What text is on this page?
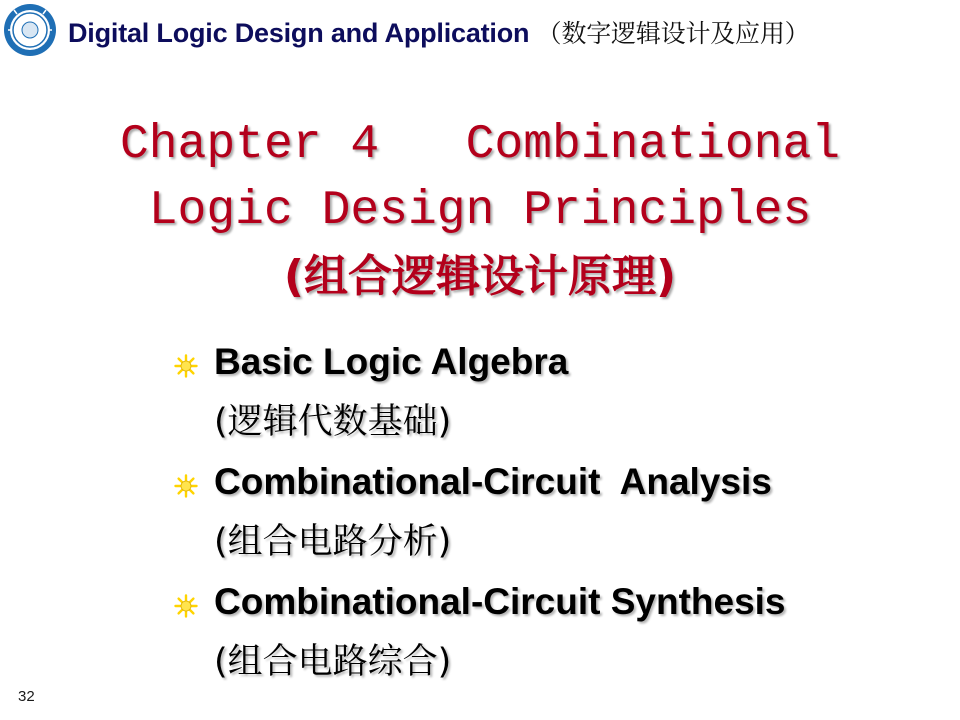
Digital Logic Design and Application （数字逻辑设计及应用）
Chapter 4   Combinational
Logic Design Principles
(组合逻辑设计原理)
Basic Logic Algebra
(逻辑代数基础)
Combinational-Circuit  Analysis
(组合电路分析)
Combinational-Circuit Synthesis
(组合电路综合)
32
